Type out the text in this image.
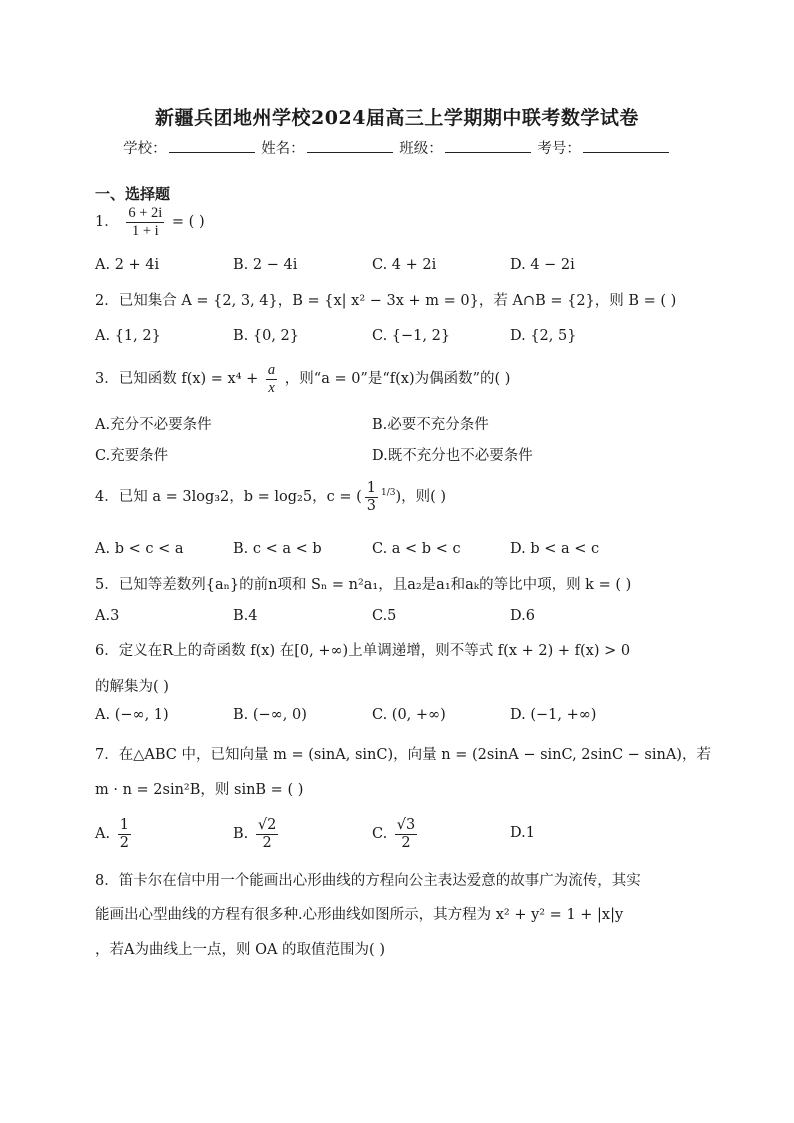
新疆兵团地州学校2024届高三上学期期中联考数学试卷
学校：	姓名：	班级：	考号：
一、选择题
1． $\frac{6 + 2i}{1 + i}$ = ( )
A. 2 + 4i	B. 2 − 4i	C. 4 + 2i	D. 4 − 2i
2．已知集合 A = {2, 3, 4}，B = {x| x² − 3x + m = 0}，若 A∩B = {2}，则 B = ( )
A. {1, 2}	B. {0, 2}	C. {−1, 2}	D. {2, 5}
3．已知函数 $f(x) = x^4 + \frac{a}{x}$ ，则“a = 0”是“f(x)为偶函数”的( )
A.充分不必要条件	B.必要不充分条件
C.充要条件	D.既不充分也不必要条件
4．已知 a = 3log₃2，b = log₂5，c = ( $\frac{1}{3} ^{1/3}$)，则( )
A. b < c < a	B. c < a < b	C. a < b < c	D. b < a < c
5．已知等差数列{aₙ}的前n项和 Sₙ = n²a₁，且a₂是a₁和aₖ的等比中项，则 k = ( )
A.3	B.4	C.5	D.6
6．定义在R上的奇函数 f(x) 在[0, +∞)上单调递增，则不等式 f(x + 2) + f(x) > 0
的解集为( )
A. (−∞, 1)	B. (−∞, 0)	C. (0, +∞)	D. (−1, +∞)
7．在△ABC 中，已知向量 m = (sinA, sinC)，向量 n = (2sinA − sinC, 2sinC − sinA)，若
m · n = 2sin²B，则 sinB = ( )
A. $\frac{1}{2}$	B. $\frac{√2}{2}$	C. $\frac{√3}{2}$	D.1
8．笛卡尔在信中用一个能画出心形曲线的方程向公主表达爱意的故事广为流传，其实
能画出心型曲线的方程有很多种.心形曲线如图所示，其方程为 x² + y² = 1 + |x|y
，若A为曲线上一点，则 OA 的取值范围为( )
